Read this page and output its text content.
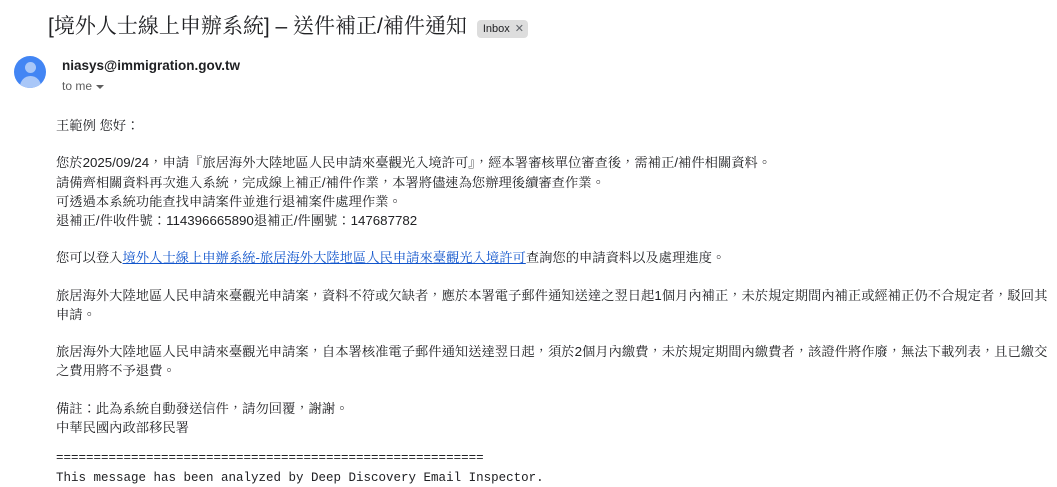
[境外人士線上申辦系統] – 送件補正/補件通知 Inbox ✕
niasys@immigration.gov.tw
to me
王範例 您好：
您於2025/09/24，申請『旅居海外大陸地區人民申請來臺觀光入境許可』，經本署審核單位審查後，需補正/補件相關資料。
請備齊相關資料再次進入系統，完成線上補正/補件作業，本署將儘速為您辦理後續審查作業。
可透過本系統功能查找申請案件並進行退補案件處理作業。
退補正/件收件號：114396665890退補正/件團號：147687782
您可以登入境外人士線上申辦系統-旅居海外大陸地區人民申請來臺觀光入境許可查詢您的申請資料以及處理進度。
旅居海外大陸地區人民申請來臺觀光申請案，資料不符或欠缺者，應於本署電子郵件通知送達之翌日起1個月內補正，未於規定期間內補正或經補正仍不合規定者，駁回其申請。
旅居海外大陸地區人民申請來臺觀光申請案，自本署核准電子郵件通知送達翌日起，須於2個月內繳費，未於規定期間內繳費者，該證件將作廢，無法下載列表，且已繳交之費用將不予退費。
備註：此為系統自動發送信件，請勿回覆，謝謝。
中華民國內政部移民署
=========================================================
This message has been analyzed by Deep Discovery Email Inspector.
